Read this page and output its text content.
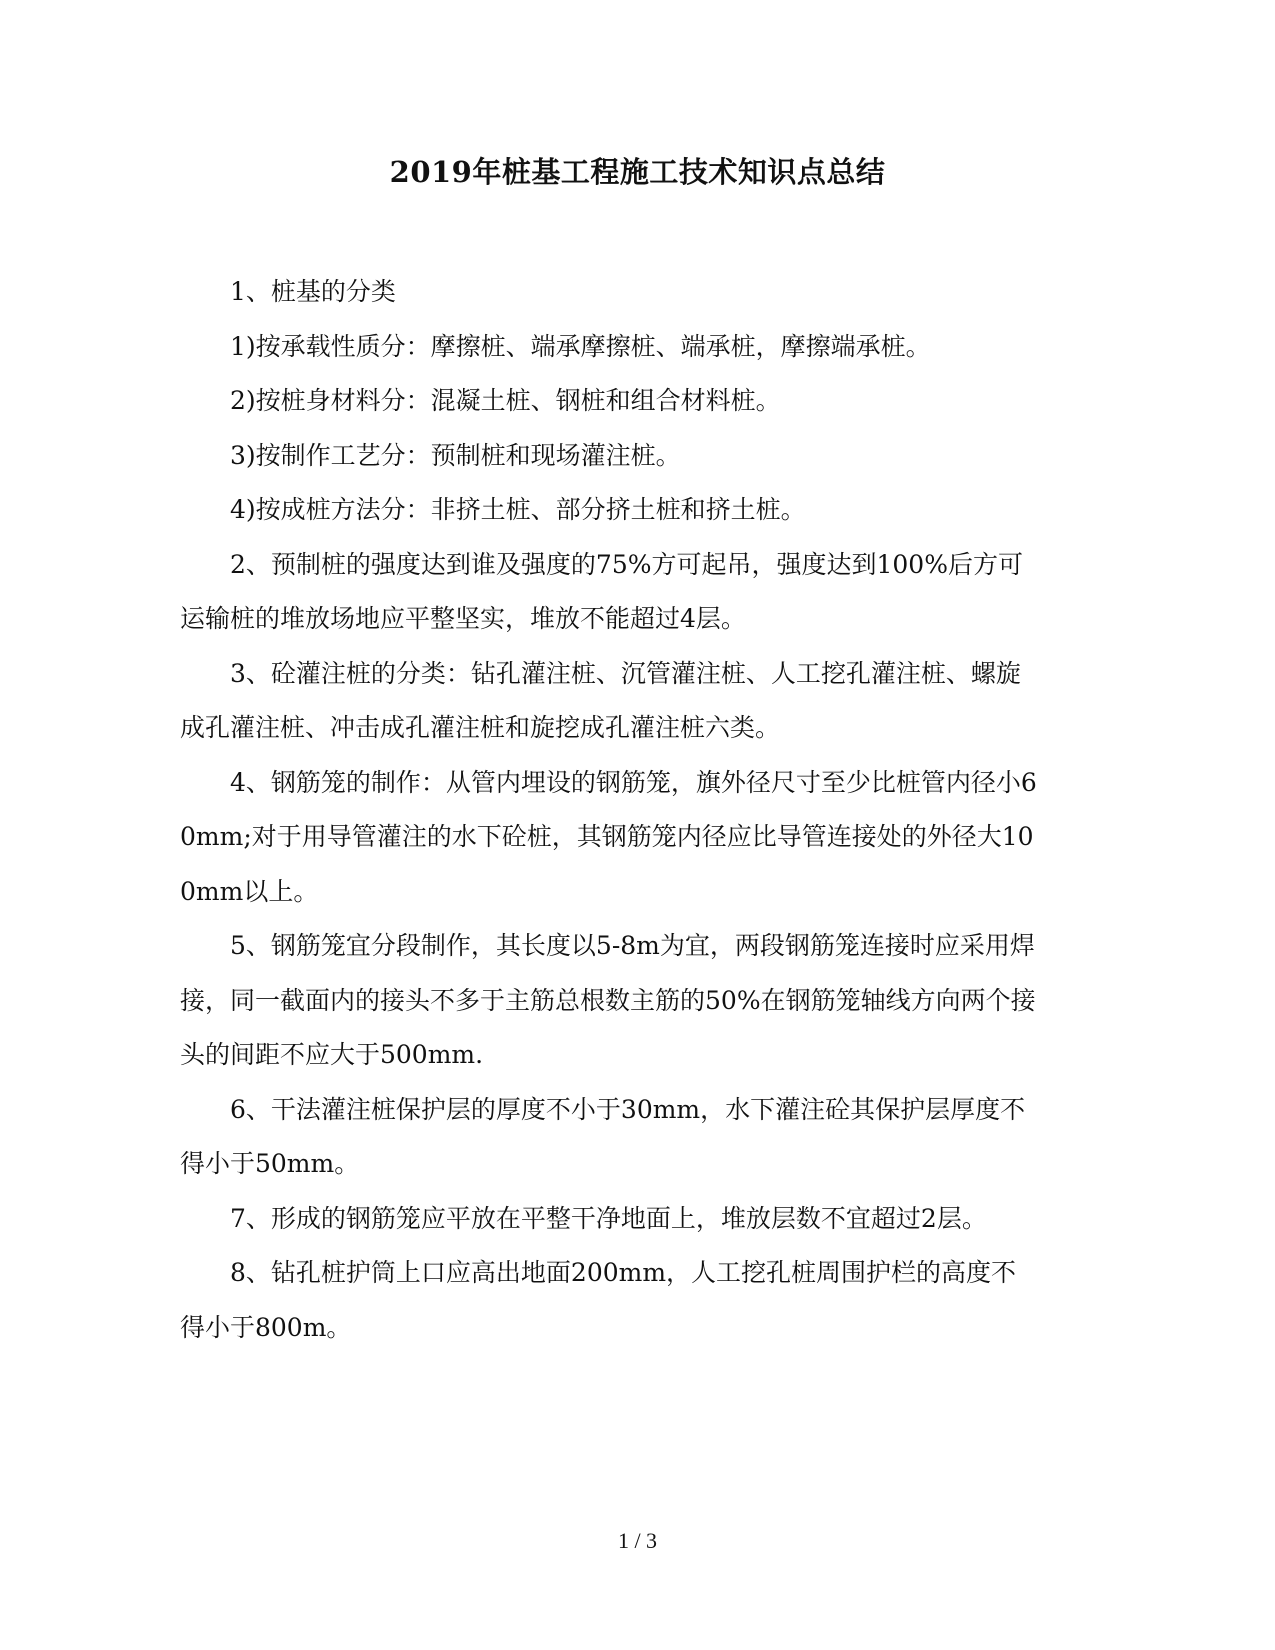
2019年桩基工程施工技术知识点总结

1、桩基的分类

1)按承载性质分：摩擦桩、端承摩擦桩、端承桩，摩擦端承桩。

2)按桩身材料分：混凝土桩、钢桩和组合材料桩。

3)按制作工艺分：预制桩和现场灌注桩。

4)按成桩方法分：非挤土桩、部分挤土桩和挤土桩。

2、预制桩的强度达到谁及强度的75%方可起吊，强度达到100%后方可运输桩的堆放场地应平整坚实，堆放不能超过4层。

3、砼灌注桩的分类：钻孔灌注桩、沉管灌注桩、人工挖孔灌注桩、螺旋成孔灌注桩、冲击成孔灌注桩和旋挖成孔灌注桩六类。

4、钢筋笼的制作：从管内埋设的钢筋笼，旗外径尺寸至少比桩管内径小60mm;对于用导管灌注的水下砼桩，其钢筋笼内径应比导管连接处的外径大100mm以上。

5、钢筋笼宜分段制作，其长度以5-8m为宜，两段钢筋笼连接时应采用焊接，同一截面内的接头不多于主筋总根数主筋的50%在钢筋笼轴线方向两个接头的间距不应大于500mm.

6、干法灌注桩保护层的厚度不小于30mm，水下灌注砼其保护层厚度不得小于50mm。

7、形成的钢筋笼应平放在平整干净地面上，堆放层数不宜超过2层。

8、钻孔桩护筒上口应高出地面200mm，人工挖孔桩周围护栏的高度不得小于800m。

1 / 3
